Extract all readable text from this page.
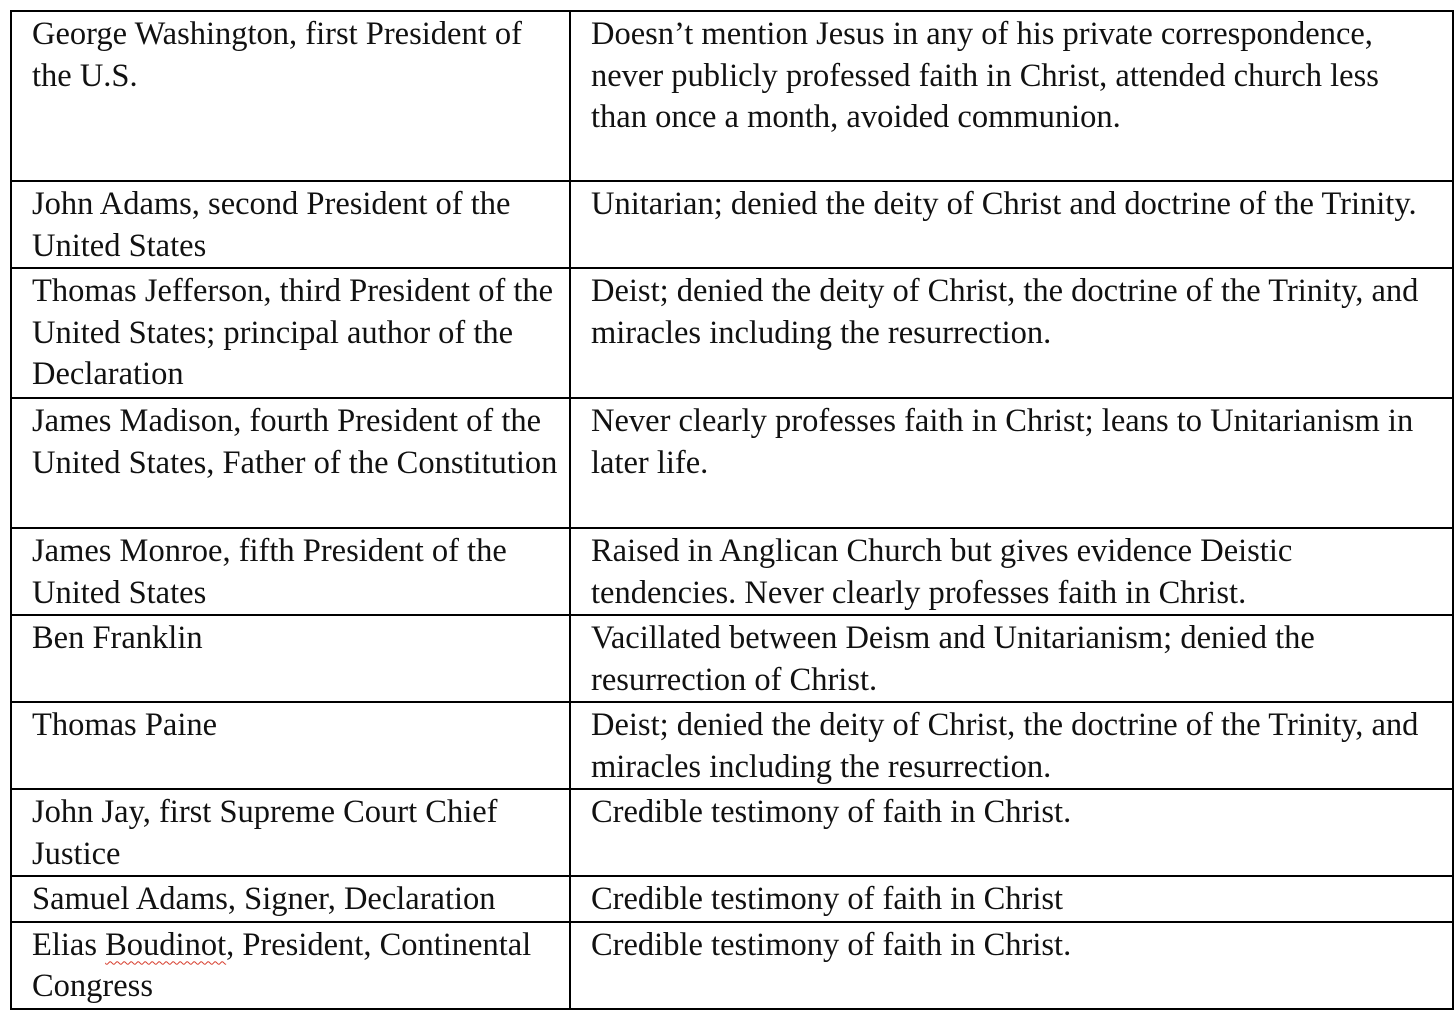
George Washington, first President of the U.S.	Doesn’t mention Jesus in any of his private correspondence, never publicly professed faith in Christ, attended church less than once a month, avoided communion.
John Adams, second President of the United States	Unitarian; denied the deity of Christ and doctrine of the Trinity.
Thomas Jefferson, third President of the United States; principal author of the Declaration	Deist; denied the deity of Christ, the doctrine of the Trinity, and miracles including the resurrection.
James Madison, fourth President of the United States, Father of the Constitution	Never clearly professes faith in Christ; leans to Unitarianism in later life.
James Monroe, fifth President of the United States	Raised in Anglican Church but gives evidence Deistic tendencies. Never clearly professes faith in Christ.
Ben Franklin	Vacillated between Deism and Unitarianism; denied the resurrection of Christ.
Thomas Paine	Deist; denied the deity of Christ, the doctrine of the Trinity, and miracles including the resurrection.
John Jay, first Supreme Court Chief Justice	Credible testimony of faith in Christ.
Samuel Adams, Signer, Declaration	Credible testimony of faith in Christ
Elias Boudinot, President, Continental Congress	Credible testimony of faith in Christ.
